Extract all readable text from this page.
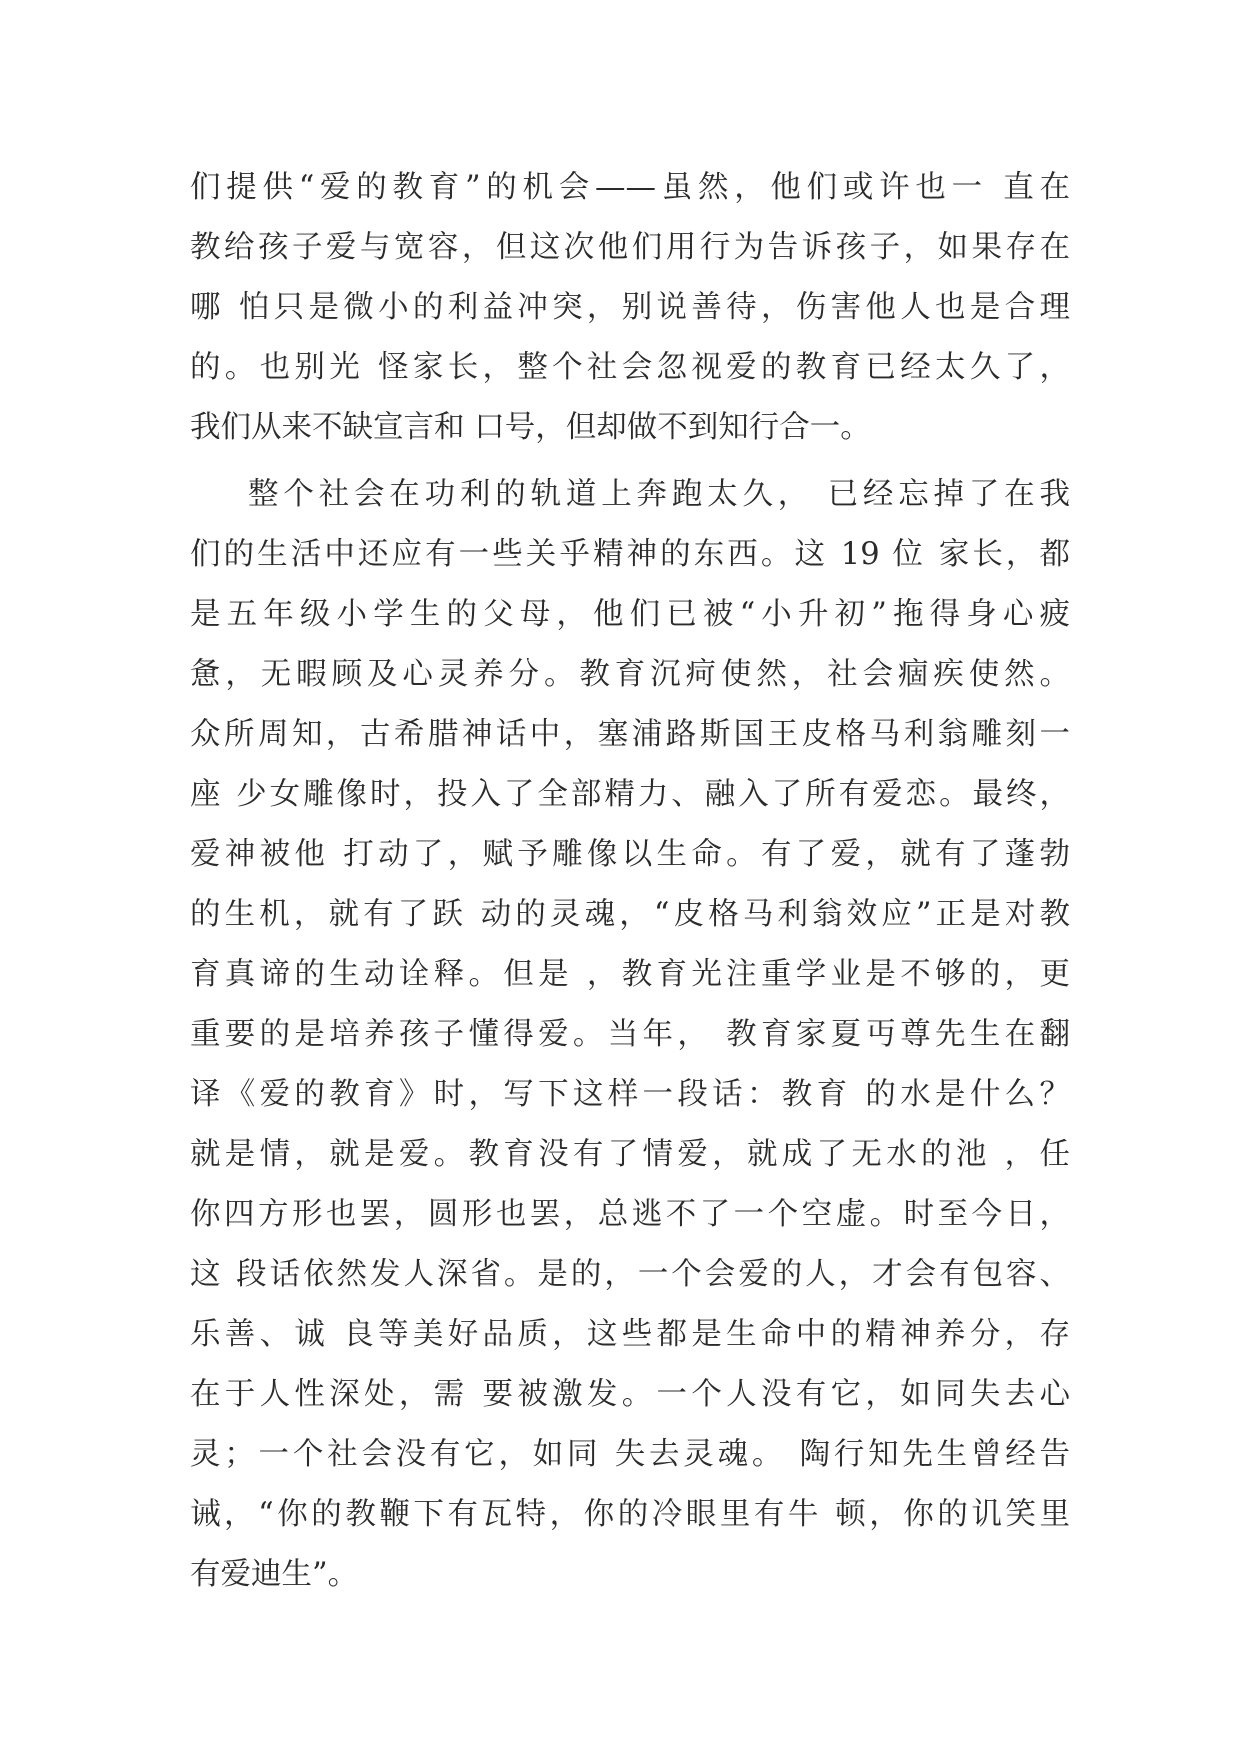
们提供“爱的教育”的机会——虽然，他们或许也一 直在
教给孩子爱与宽容，但这次他们用行为告诉孩子，如果存在
哪 怕只是微小的利益冲突，别说善待，伤害他人也是合理
的。也别光 怪家长，整个社会忽视爱的教育已经太久了，
我们从来不缺宣言和 口号，但却做不到知行合一。
整个社会在功利的轨道上奔跑太久， 已经忘掉了在我
们的生活中还应有一些关乎精神的东西。这 19 位 家长，都
是五年级小学生的父母，他们已被“小升初”拖得身心疲
惫，无暇顾及心灵养分。教育沉疴使然，社会痼疾使然。
众所周知，古希腊神话中，塞浦路斯国王皮格马利翁雕刻一
座 少女雕像时，投入了全部精力、融入了所有爱恋。最终，
爱神被他 打动了，赋予雕像以生命。有了爱，就有了蓬勃
的生机，就有了跃 动的灵魂，“皮格马利翁效应”正是对教
育真谛的生动诠释。但是 ，教育光注重学业是不够的，更
重要的是培养孩子懂得爱。当年， 教育家夏丏尊先生在翻
译《爱的教育》时，写下这样一段话：教育 的水是什么？
就是情，就是爱。教育没有了情爱，就成了无水的池 ，任
你四方形也罢，圆形也罢，总逃不了一个空虚。时至今日，
这 段话依然发人深省。是的，一个会爱的人，才会有包容、
乐善、诚 良等美好品质，这些都是生命中的精神养分，存
在于人性深处，需 要被激发。一个人没有它，如同失去心
灵；一个社会没有它，如同 失去灵魂。 陶行知先生曾经告
诫，“你的教鞭下有瓦特，你的冷眼里有牛 顿，你的讥笑里
有爱迪生”。
